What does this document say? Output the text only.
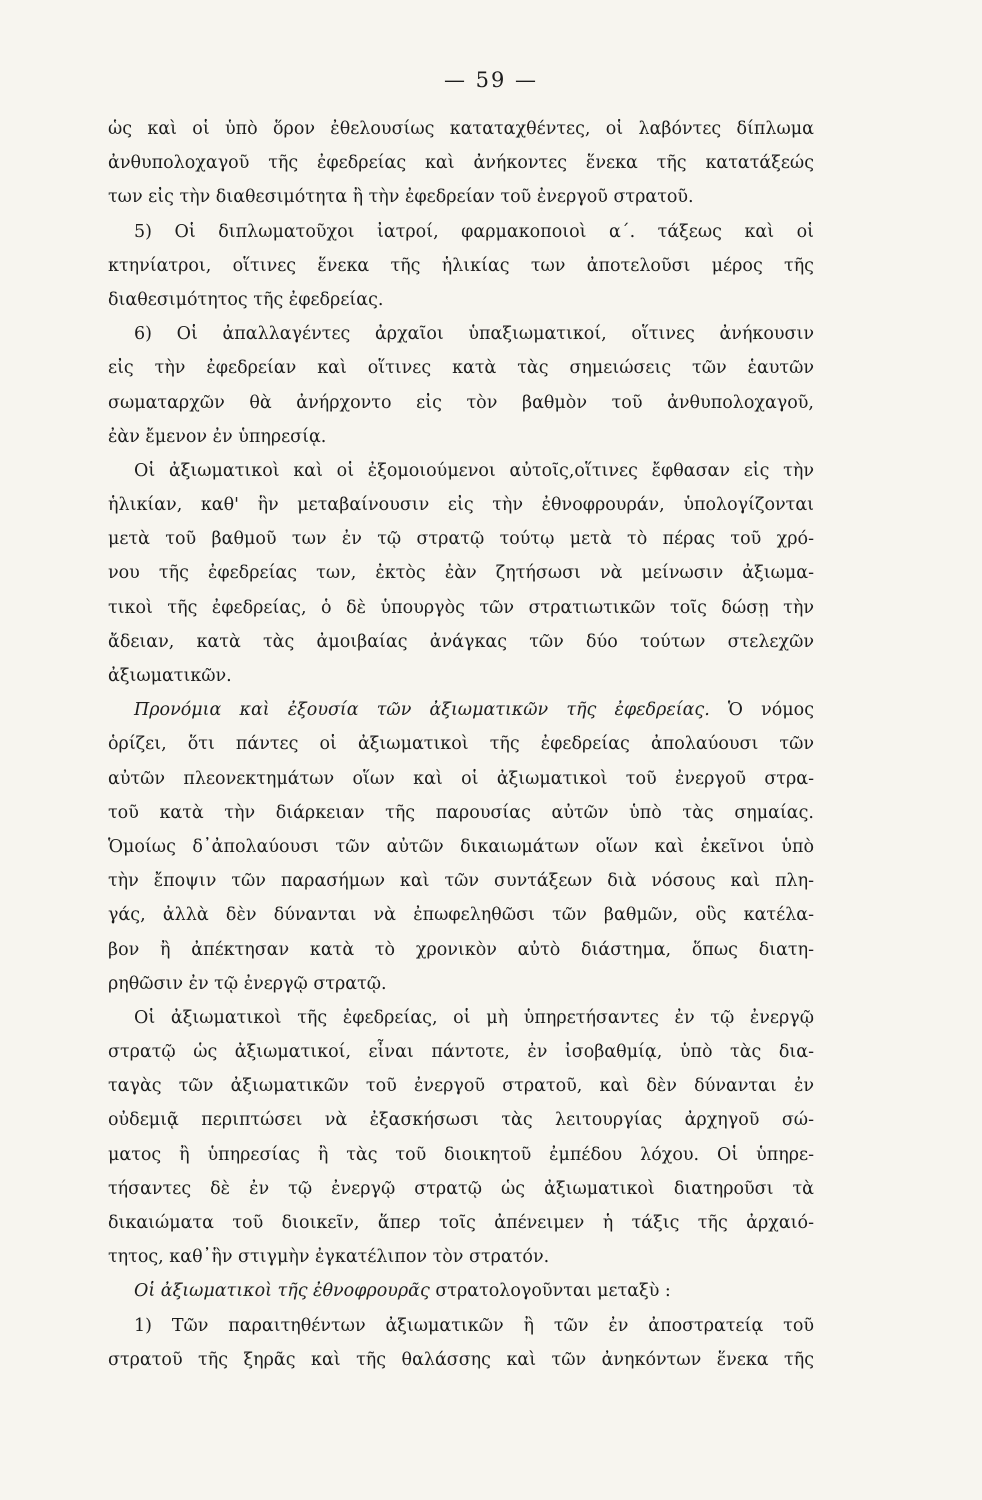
— 59 —
ὡς καὶ οἱ ὑπὸ ὅρον ἐθελουσίως καταταχθέντες, οἱ λαβόντες δίπλωμα
ἀνθυπολοχαγοῦ τῆς ἐφεδρείας καὶ ἀνήκοντες ἕνεκα τῆς κατατάξεώς
των εἰς τὴν διαθεσιμότητα ἢ τὴν ἐφεδρείαν τοῦ ἐνεργοῦ στρατοῦ.
5) Οἱ διπλωματοῦχοι ἰατροί, φαρμακοποιοὶ α΄. τάξεως καὶ οἱ
κτηνίατροι, οἵτινες ἕνεκα τῆς ἡλικίας των ἀποτελοῦσι μέρος τῆς
διαθεσιμότητος τῆς ἐφεδρείας.
6) Οἱ ἀπαλλαγέντες ἀρχαῖοι ὑπαξιωματικοί, οἵτινες ἀνήκουσιν
εἰς τὴν ἐφεδρείαν καὶ οἵτινες κατὰ τὰς σημειώσεις τῶν ἑαυτῶν
σωματαρχῶν θὰ ἀνήρχοντο εἰς τὸν βαθμὸν τοῦ ἀνθυπολοχαγοῦ,
ἐὰν ἔμενον ἐν ὑπηρεσίᾳ.
Οἱ ἀξιωματικοὶ καὶ οἱ ἐξομοιούμενοι αὐτοῖς,οἵτινες ἔφθασαν εἰς τὴν
ἡλικίαν, καθ' ἣν μεταβαίνουσιν εἰς τὴν ἐθνοφρουράν, ὑπολογίζονται
μετὰ τοῦ βαθμοῦ των ἐν τῷ στρατῷ τούτῳ μετὰ τὸ πέρας τοῦ χρό-
νου τῆς ἐφεδρείας των, ἐκτὸς ἐὰν ζητήσωσι νὰ μείνωσιν ἀξιωμα-
τικοὶ τῆς ἐφεδρείας, ὁ δὲ ὑπουργὸς τῶν στρατιωτικῶν τοῖς δώσῃ τὴν
ἄδειαν, κατὰ τὰς ἀμοιβαίας ἀνάγκας τῶν δύο τούτων στελεχῶν
ἀξιωματικῶν.
Προνόμια καὶ ἐξουσία τῶν ἀξιωματικῶν τῆς ἐφεδρείας. Ὁ νόμος
ὁρίζει, ὅτι πάντες οἱ ἀξιωματικοὶ τῆς ἐφεδρείας ἀπολαύουσι τῶν
αὐτῶν πλεονεκτημάτων οἵων καὶ οἱ ἀξιωματικοὶ τοῦ ἐνεργοῦ στρα-
τοῦ κατὰ τὴν διάρκειαν τῆς παρουσίας αὐτῶν ὑπὸ τὰς σημαίας.
Ὁμοίως δ᾽ἀπολαύουσι τῶν αὐτῶν δικαιωμάτων οἵων καὶ ἐκεῖνοι ὑπὸ
τὴν ἔποψιν τῶν παρασήμων καὶ τῶν συντάξεων διὰ νόσους καὶ πλη-
γάς, ἀλλὰ δὲν δύνανται νὰ ἐπωφεληθῶσι τῶν βαθμῶν, οὓς κατέλα-
βον ἢ ἀπέκτησαν κατὰ τὸ χρονικὸν αὐτὸ διάστημα, ὅπως διατη-
ρηθῶσιν ἐν τῷ ἐνεργῷ στρατῷ.
Οἱ ἀξιωματικοὶ τῆς ἐφεδρείας, οἱ μὴ ὑπηρετήσαντες ἐν τῷ ἐνεργῷ
στρατῷ ὡς ἀξιωματικοί, εἶναι πάντοτε, ἐν ἰσοβαθμίᾳ, ὑπὸ τὰς δια-
ταγὰς τῶν ἀξιωματικῶν τοῦ ἐνεργοῦ στρατοῦ, καὶ δὲν δύνανται ἐν
οὐδεμιᾷ περιπτώσει νὰ ἐξασκήσωσι τὰς λειτουργίας ἀρχηγοῦ σώ-
ματος ἢ ὑπηρεσίας ἢ τὰς τοῦ διοικητοῦ ἐμπέδου λόχου. Οἱ ὑπηρε-
τήσαντες δὲ ἐν τῷ ἐνεργῷ στρατῷ ὡς ἀξιωματικοὶ διατηροῦσι τὰ
δικαιώματα τοῦ διοικεῖν, ἅπερ τοῖς ἀπένειμεν ἡ τάξις τῆς ἀρχαιό-
τητος, καθ᾽ἣν στιγμὴν ἐγκατέλιπον τὸν στρατόν.
Οἱ ἀξιωματικοὶ τῆς ἐθνοφρουρᾶς στρατολογοῦνται μεταξὺ :
1) Τῶν παραιτηθέντων ἀξιωματικῶν ἢ τῶν ἐν ἀποστρατείᾳ τοῦ
στρατοῦ τῆς ξηρᾶς καὶ τῆς θαλάσσης καὶ τῶν ἀνηκόντων ἕνεκα τῆς
